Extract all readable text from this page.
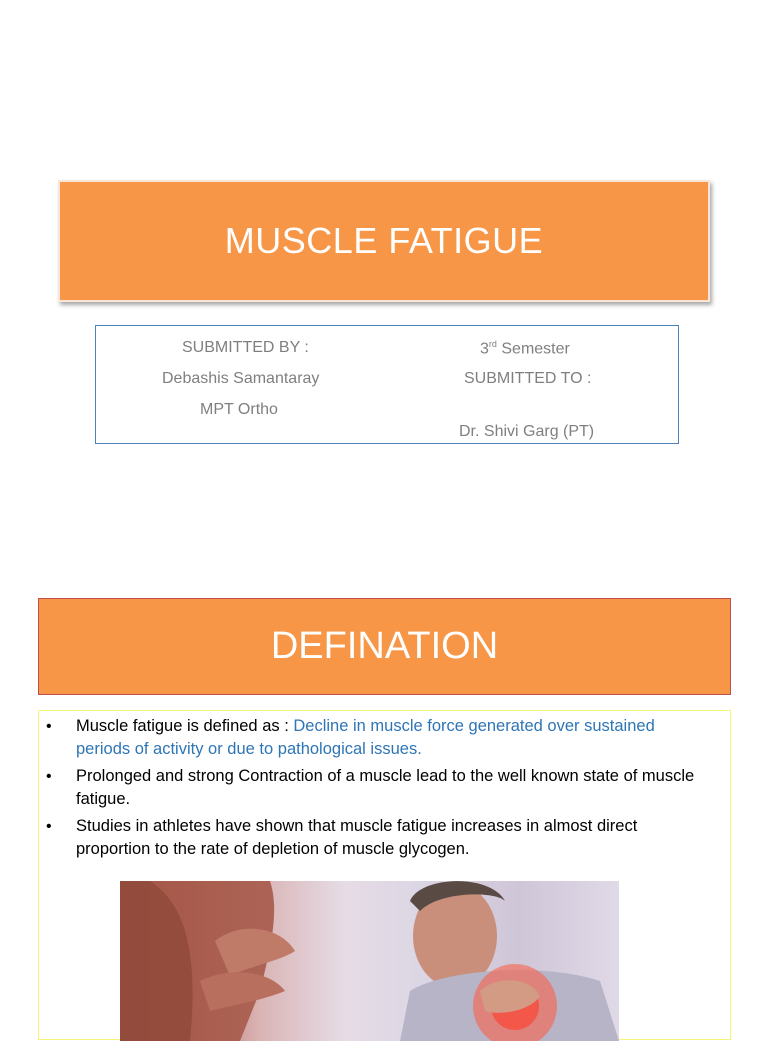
MUSCLE FATIGUE
SUBMITTED BY :
Debashis Samantaray
MPT Ortho
3rd Semester
SUBMITTED TO :
Dr. Shivi Garg (PT)
DEFINATION
• Muscle fatigue is defined as : Decline in muscle force generated over sustained periods of activity or due to pathological issues.
• Prolonged and strong Contraction of a muscle lead to the well known state of muscle fatigue.
• Studies in athletes have shown that muscle fatigue increases in almost direct proportion to the rate of depletion of muscle glycogen.
